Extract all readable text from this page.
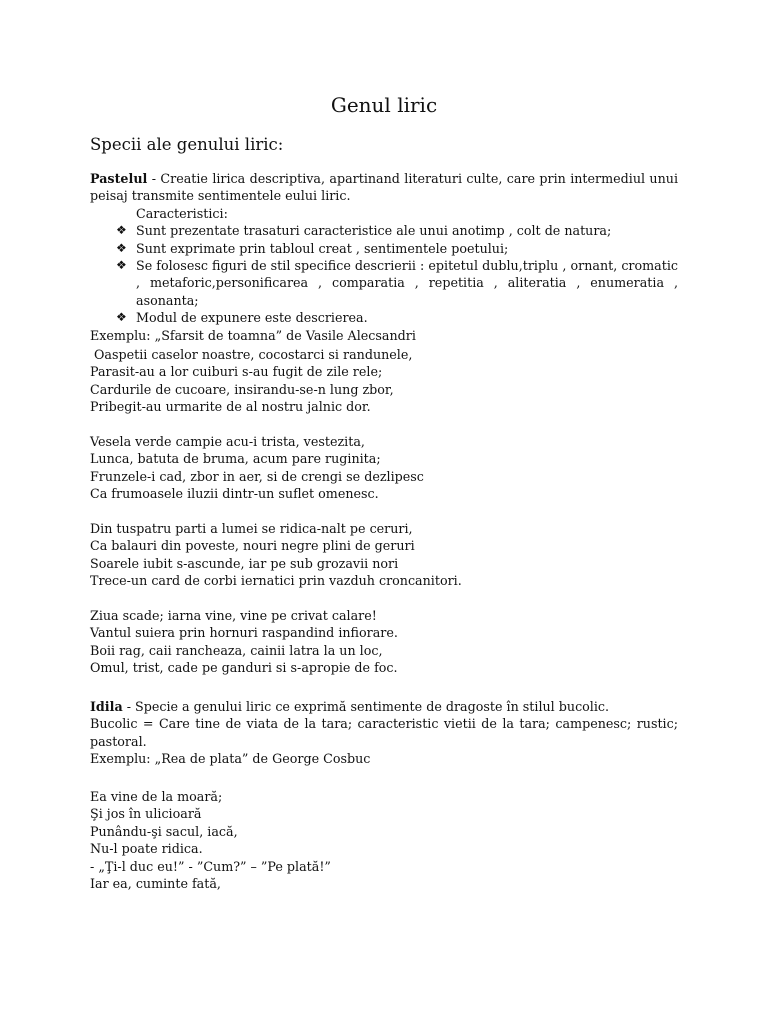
Genul liric
Specii ale genului liric:

Pastelul - Creatie lirica descriptiva, apartinand literaturi culte, care prin intermediul unui peisaj transmite sentimentele eului liric.

Caracteristici:

❖ Sunt prezentate trasaturi caracteristice ale unui anotimp , colt de natura;
❖ Sunt exprimate prin tabloul creat , sentimentele poetului;
❖ Se folosesc figuri de stil specifice descrierii : epitetul dublu,triplu , ornant, cromatic , metaforic,personificarea , comparatia , repetitia , aliteratia , enumeratia , asonanta;
❖ Modul de expunere este descrierea.

Exemplu: „Sfarsit de toamna” de Vasile Alecsandri

Oaspetii caselor noastre, cocostarci si randunele,
Parasit-au a lor cuiburi s-au fugit de zile rele;
Cardurile de cucoare, insirandu-se-n lung zbor,
Pribegit-au urmarite de al nostru jalnic dor.
Vesela verde campie acu-i trista, vestezita,
Lunca, batuta de bruma, acum pare ruginita;
Frunzele-i cad, zbor in aer, si de crengi se dezlipesc
Ca frumoasele iluzii dintr-un suflet omenesc.
Din tuspatru parti a lumei se ridica-nalt pe ceruri,
Ca balauri din poveste, nouri negre plini de geruri
Soarele iubit s-ascunde, iar pe sub grozavii nori
Trece-un card de corbi iernatici prin vazduh croncanitori.
Ziua scade; iarna vine, vine pe crivat calare!
Vantul suiera prin hornuri raspandind infiorare.
Boii rag, caii rancheaza, cainii latra la un loc,
Omul, trist, cade pe ganduri si s-apropie de foc.

Idila - Specie a genului liric ce exprimă sentimente de dragoste în stilul bucolic.

Bucolic = Care tine de viata de la tara; caracteristic vietii de la tara; campenesc; rustic; pastoral.

Exemplu: „Rea de plata” de George Cosbuc

Ea vine de la moară;
Şi jos în ulicioară
Punându-şi sacul, iacă,
Nu-l poate ridica.
- „Ţi-l duc eu!” - ”Cum?” – ”Pe plată!”
Iar ea, cuminte fată,
